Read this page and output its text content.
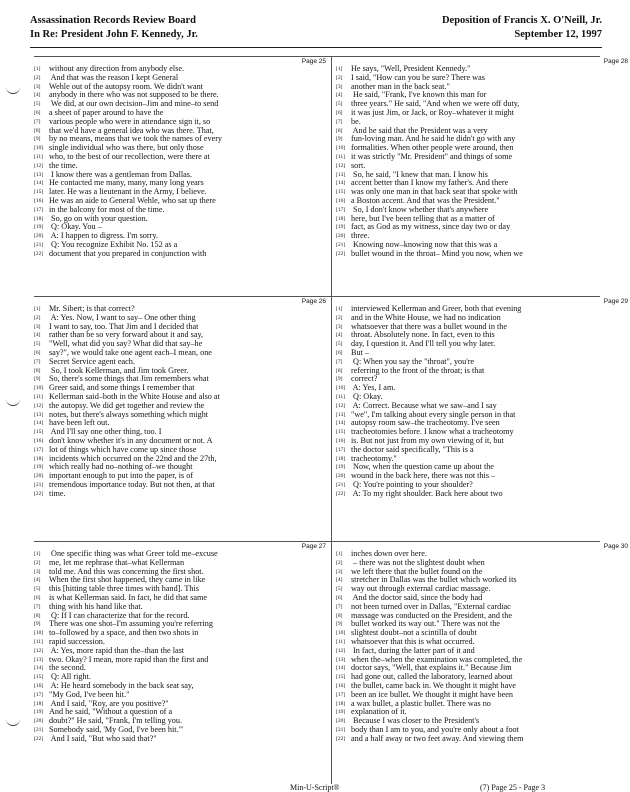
Assassination Records Review Board
In Re: President John F. Kennedy, Jr.
Deposition of Francis X. O'Neill, Jr.
September 12, 1997
Page 25
[1] without any direction from anybody else.
[2] And that was the reason I kept General
[3] Wehle out of the autopsy room. We didn't want
[4] anybody in there who was not supposed to be there.
[5] We did, at our own decision–Jim and mine–to send
[6] a sheet of paper around to have the
[7] various people who were in attendance sign it, so
[8] that we'd have a general idea who was there. That,
[9] by no means, means that we took the names of every
[10] single individual who was there, but only those
[11] who, to the best of our recollection, were there at
[12] the time.
[13] I know there was a gentleman from Dallas.
[14] He contacted me many, many, many long years
[15] later. He was a lieutenant in the Army, I believe.
[16] He was an aide to General Wehle, who sat up there
[17] in the balcony for most of the time.
[18] So, go on with your question.
[19] Q: Okay. You –
[20] A: I happen to digress. I'm sorry.
[21] Q: You recognize Exhibit No. 152 as a
[22] document that you prepared in conjunction with
Page 28
[1] He says, "Well, President Kennedy."
[2] I said, "How can you be sure? There was
[3] another man in the back seat."
[4] He said, "Frank, I've known this man for
[5] three years." He said, "And when we were off duty,
[6] it was just Jim, or Jack, or Roy–whatever it might
[7] be.
[8] And he said that the President was a very
[9] fun-loving man. And he said he didn't go with any
[10] formalities. When other people were around, then
[11] it was strictly "Mr. President" and things of some
[12] sort.
[13] So, he said, "I knew that man. I know his
[14] accent better than I know my father's. And there
[15] was only one man in that back seat that spoke with
[16] a Boston accent. And that was the President."
[17] So, I don't know whether that's anywhere
[18] here, but I've been telling that as a matter of
[19] fact, as God as my witness, since day two or day
[20] three.
[21] Knowing now–knowing now that this was a
[22] bullet wound in the throat– Mind you now, when we
Page 26
[1] Mr. Sibert; is that correct?
[2] A: Yes. Now, I want to say– One other thing
[3] I want to say, too. That Jim and I decided that
[4] rather than be so very forward about it and say,
[5] "Well, what did you say? What did that say–he
[6] say?", we would take one agent each–I mean, one
[7] Secret Service agent each.
[8] So, I took Kellerman, and Jim took Greer.
[9] So, there's some things that Jim remembers what
[10] Greer said, and some things I remember that
[11] Kellerman said–both in the White House and also at
[12] the autopsy. We did get together and review the
[13] notes, but there's always something which might
[14] have been left out.
[15] And I'll say one other thing, too. I
[16] don't know whether it's in any document or not. A
[17] lot of things which have come up since those
[18] incidents which occurred on the 22nd and the 27th,
[19] which really had no–nothing of–we thought
[20] important enough to put into the paper, is of
[21] tremendous importance today. But not then, at that
[22] time.
Page 29
[1] interviewed Kellerman and Greer, both that evening
[2] and in the White House, we had no indication
[3] whatsoever that there was a bullet wound in the
[4] throat. Absolutely none. In fact, even to this
[5] day, I question it. And I'll tell you why later.
[6] But –
[7] Q: When you say the "throat", you're
[8] referring to the front of the throat; is that
[9] correct?
[10] A: Yes, I am.
[11] Q: Okay.
[12] A: Correct. Because what we saw–and I say
[13] "we", I'm talking about every single person in that
[14] autopsy room saw–the tracheotomy. I've seen
[15] tracheotomies before. I know what a tracheotomy
[16] is. But not just from my own viewing of it, but
[17] the doctor said specifically, "This is a
[18] tracheotomy."
[19] Now, when the question came up about the
[20] wound in the back here, there was not this –
[21] Q: You're pointing to your shoulder?
[22] A: To my right shoulder. Back here about two
Page 27
[1] One specific thing was what Greer told me–excuse
[2] me, let me rephrase that–what Kellerman
[3] told me. And this was concerning the first shot.
[4] When the first shot happened, they came in like
[5] this [hitting table three times with hand]. This
[6] is what Kellerman said. In fact, he did that same
[7] thing with his hand like that.
[8] Q: If I can characterize that for the record.
[9] There was one shot–I'm assuming you're referring
[10] to–followed by a space, and then two shots in
[11] rapid succession.
[12] A: Yes, more rapid than the–than the last
[13] two. Okay? I mean, more rapid than the first and
[14] the second.
[15] Q: All right.
[16] A: He heard somebody in the back seat say,
[17] "My God, I've been hit."
[18] And I said, "Roy, are you positive?"
[19] And he said, "Without a question of a
[20] doubt?" He said, "Frank, I'm telling you.
[21] Somebody said, 'My God, I've been hit.'"
[22] And I said, "But who said that?"
Page 30
[1] inches down over here.
[2] – there was not the slightest doubt when
[3] we left there that the bullet found on the
[4] stretcher in Dallas was the bullet which worked its
[5] way out through external cardiac massage.
[6] And the doctor said, since the body had
[7] not been turned over in Dallas, "External cardiac
[8] massage was conducted on the President, and the
[9] bullet worked its way out." There was not the
[10] slightest doubt–not a scintilla of doubt
[11] whatsoever that this is what occurred.
[12] In fact, during the latter part of it and
[13] when the–when the examination was completed, the
[14] doctor says, "Well, that explains it." Because Jim
[15] had gone out, called the laboratory, learned about
[16] the bullet, came back in. We thought it might have
[17] been an ice bullet. We thought it might have been
[18] a wax bullet, a plastic bullet. There was no
[19] explanation of it.
[20] Because I was closer to the President's
[21] body than I am to you, and you're only about a foot
[22] and a half away or two feet away. And viewing them
Min-U-Script®	(7) Page 25 - Page 3
